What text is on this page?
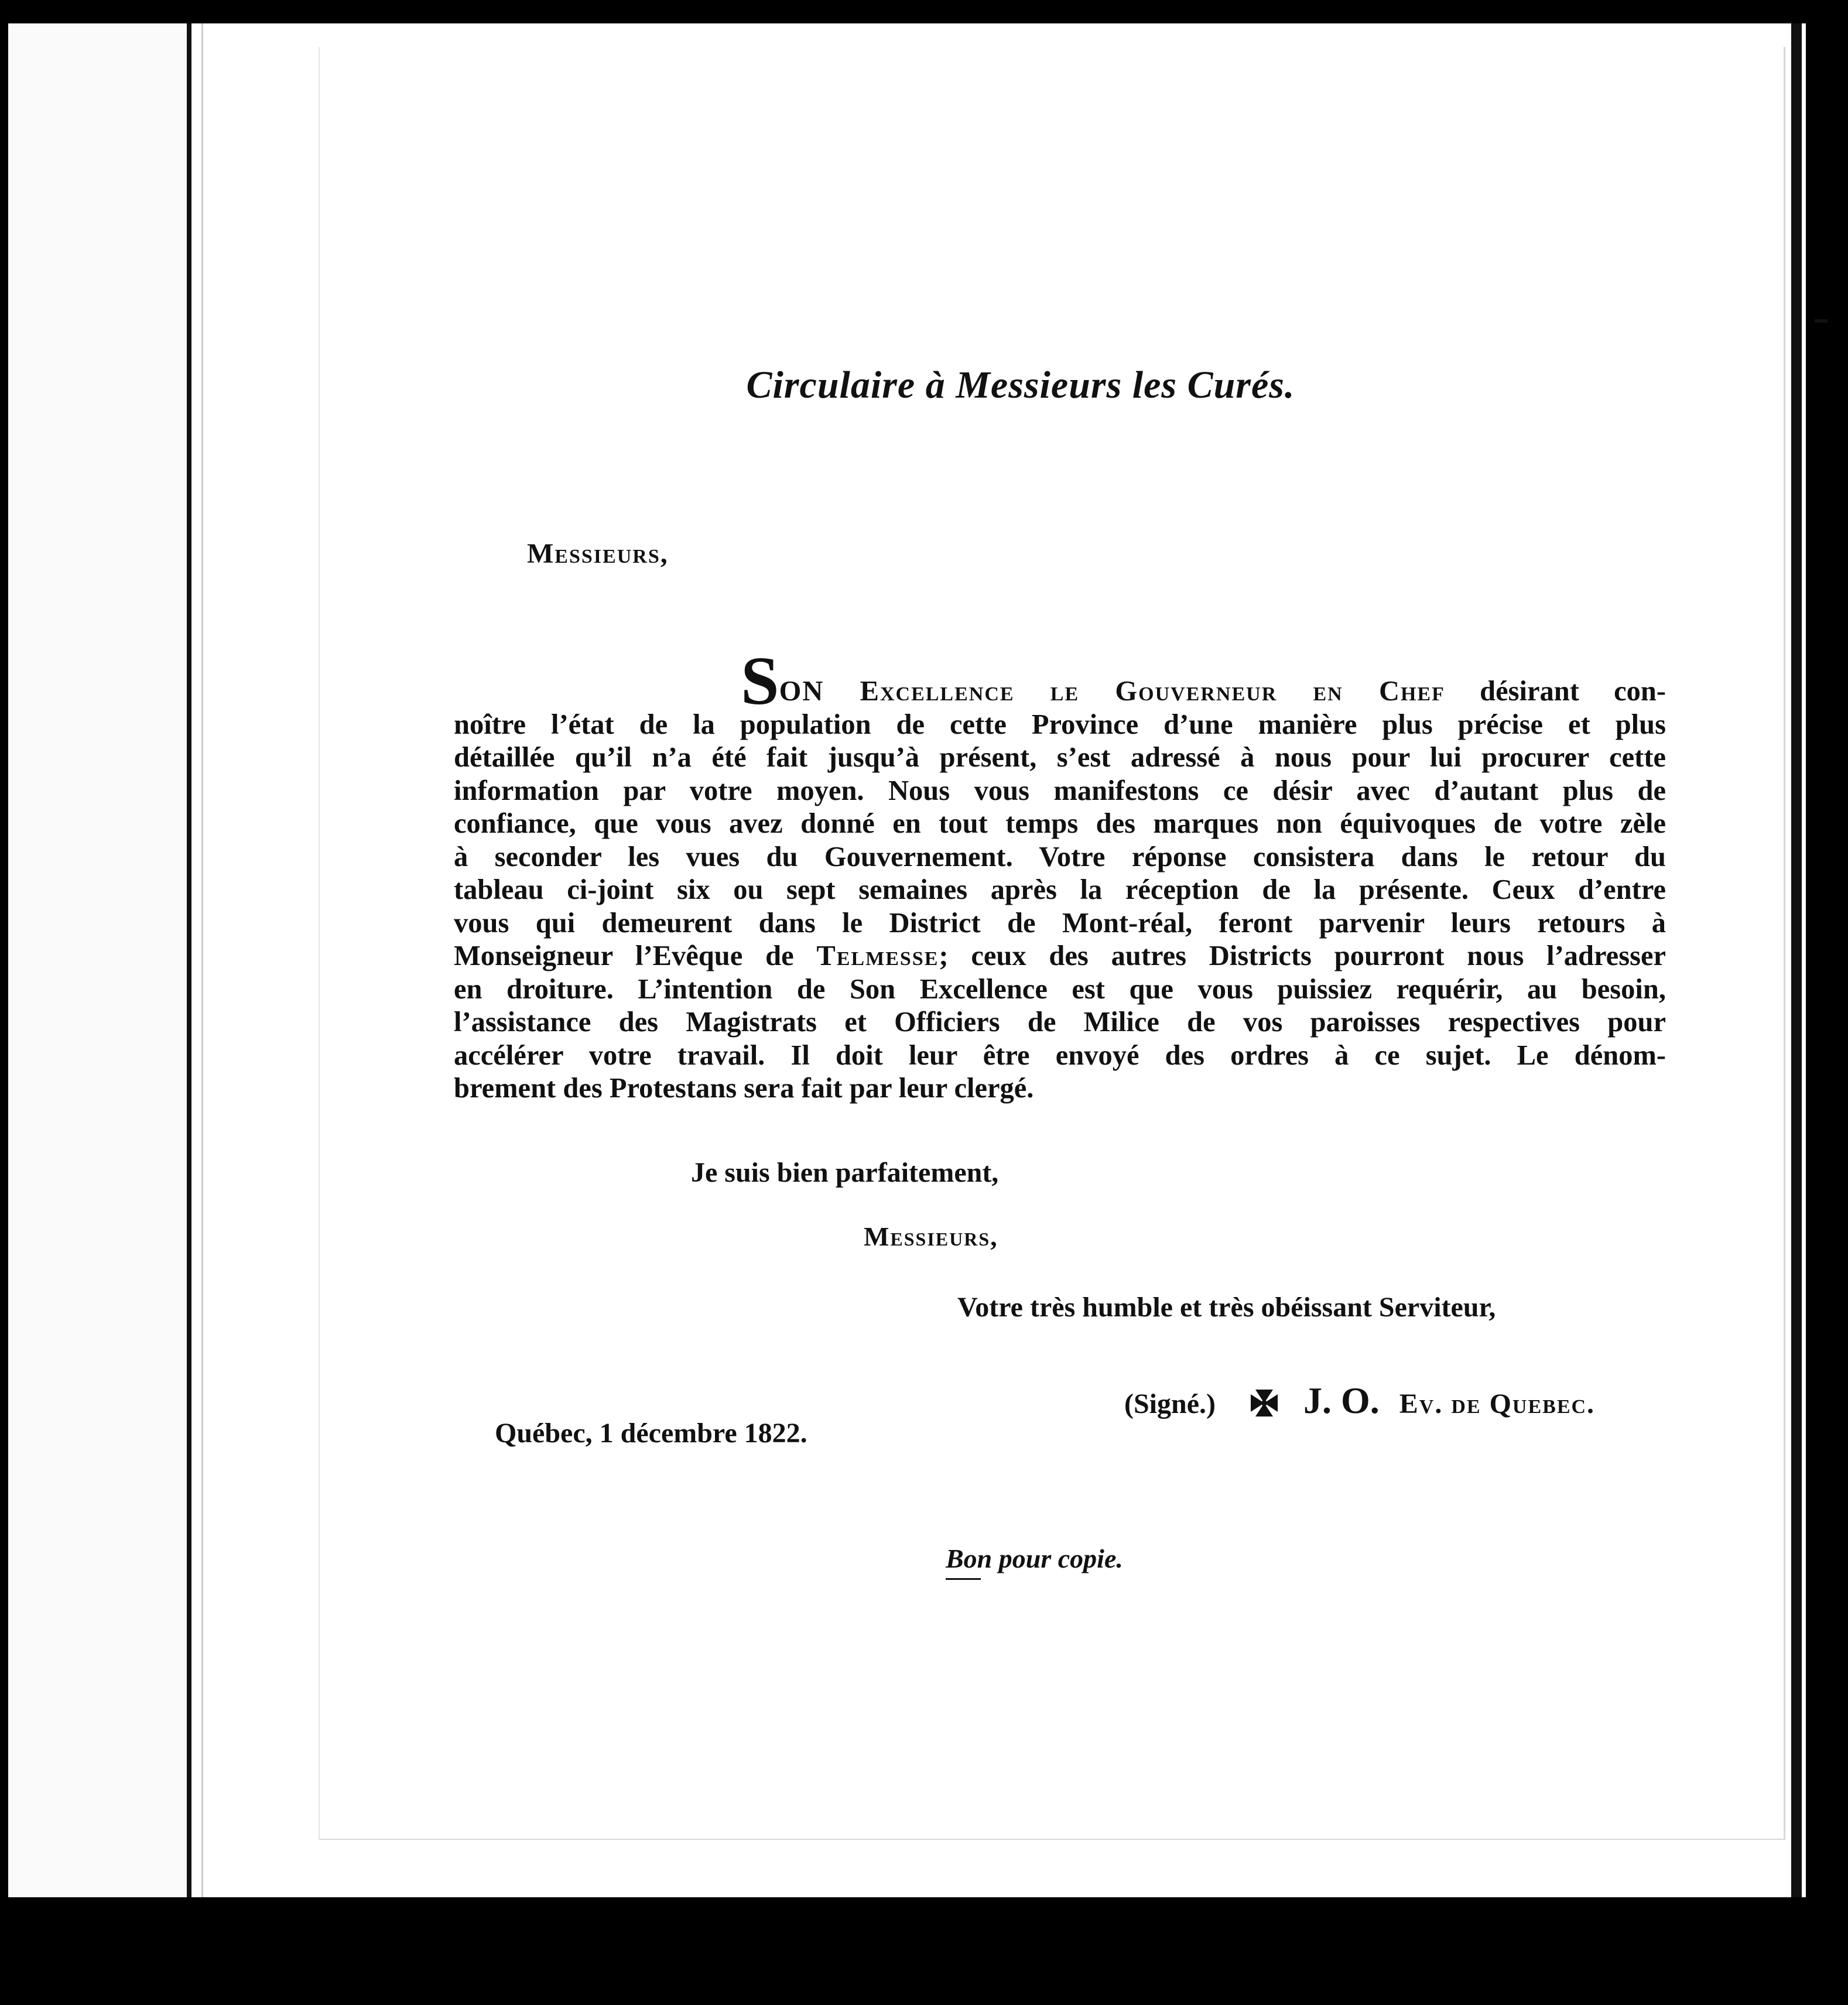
Circulaire à Messieurs les Curés.
Messieurs,
SON Excellence le Gouverneur en Chef désirant con-
noître l’état de la population de cette Province d’une manière plus précise et plus
détaillée qu’il n’a été fait jusqu’à présent, s’est adressé à nous pour lui procurer cette
information par votre moyen. Nous vous manifestons ce désir avec d’autant plus de
confiance, que vous avez donné en tout temps des marques non équivoques de votre zèle
à seconder les vues du Gouvernement. Votre réponse consistera dans le retour du
tableau ci-joint six ou sept semaines après la réception de la présente. Ceux d’entre
vous qui demeurent dans le District de Mont-réal, feront parvenir leurs retours à
Monseigneur l’Evêque de Telmesse; ceux des autres Districts pourront nous l’adresser
en droiture. L’intention de Son Excellence est que vous puissiez requérir, au besoin,
l’assistance des Magistrats et Officiers de Milice de vos paroisses respectives pour
accélérer votre travail. Il doit leur être envoyé des ordres à ce sujet. Le dénom-
brement des Protestans sera fait par leur clergé.
Je suis bien parfaitement,
Messieurs,
Votre très humble et très obéissant Serviteur,
(Signé.) J. O. Ev. de Quebec.
Québec, 1 décembre 1822.
Bon pour copie.
